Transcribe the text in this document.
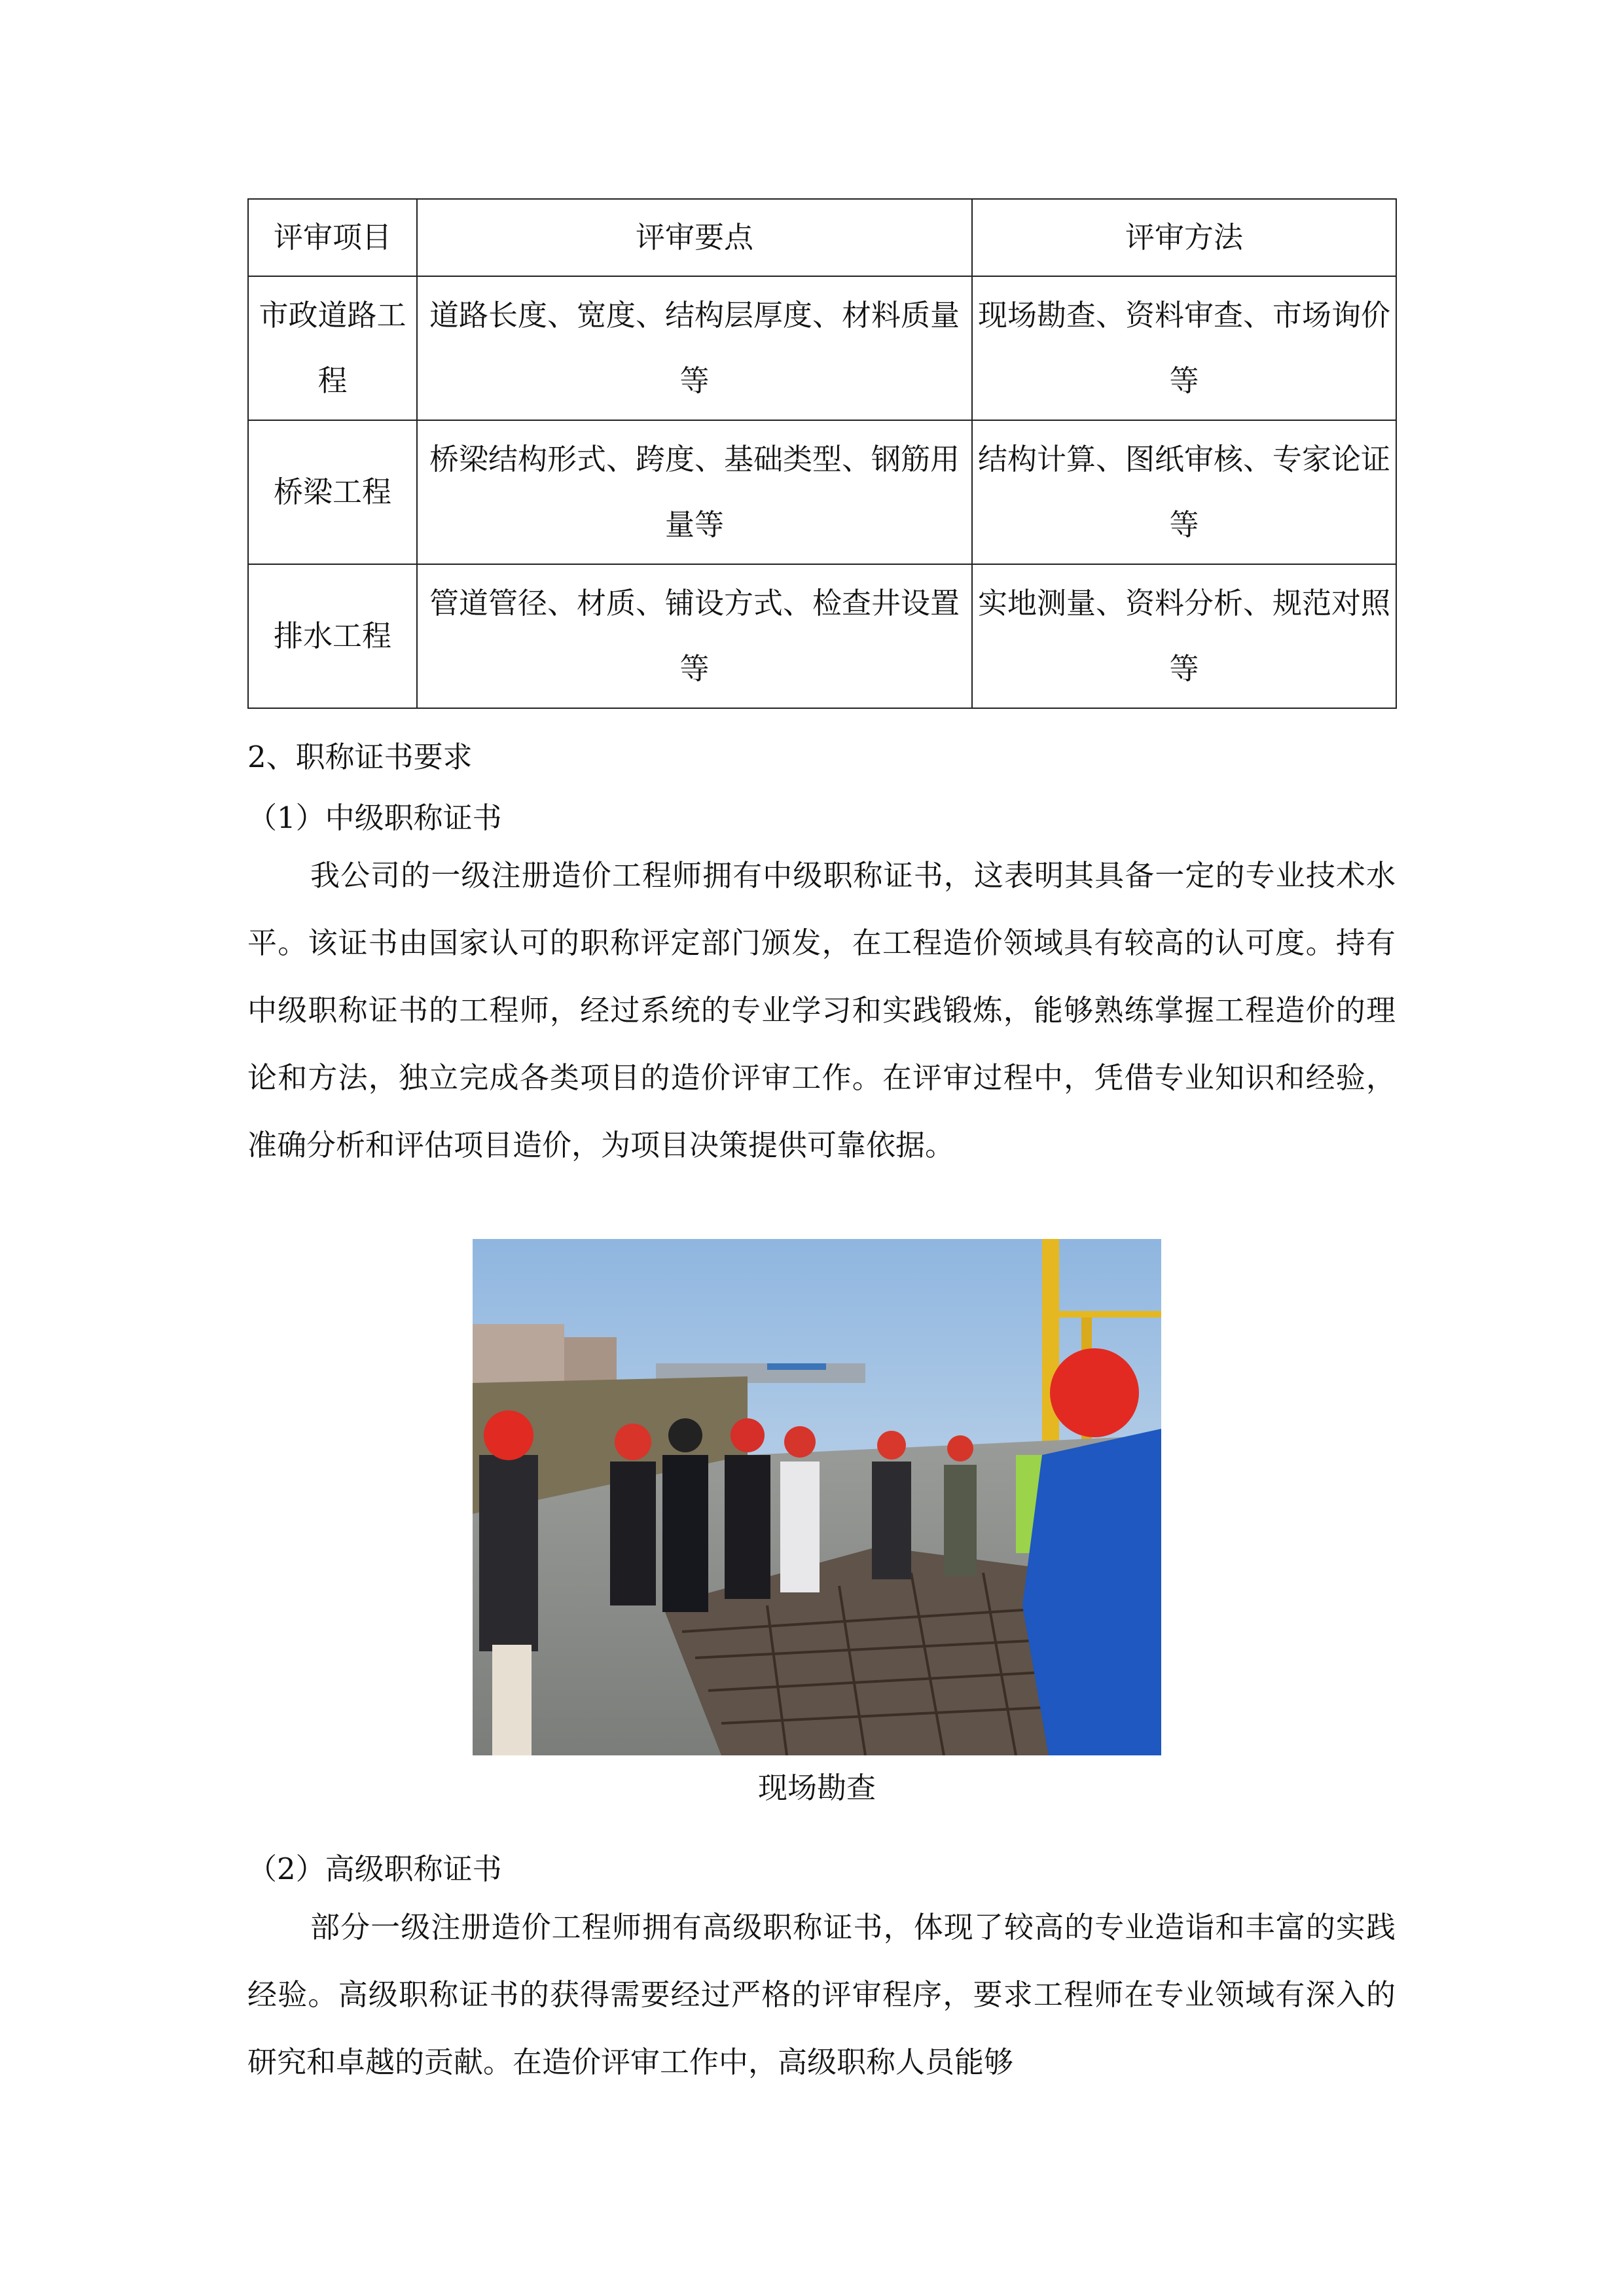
评审项目	评审要点	评审方法
市政道路工程	道路长度、宽度、结构层厚度、材料质量等	现场勘查、资料审查、市场询价等
桥梁工程	桥梁结构形式、跨度、基础类型、钢筋用量等	结构计算、图纸审核、专家论证等
排水工程	管道管径、材质、铺设方式、检查井设置等	实地测量、资料分析、规范对照等
2、职称证书要求
（1）中级职称证书

我公司的一级注册造价工程师拥有中级职称证书，这表明其具备一定的专业技术水平。该证书由国家认可的职称评定部门颁发，在工程造价领域具有较高的认可度。持有中级职称证书的工程师，经过系统的专业学习和实践锻炼，能够熟练掌握工程造价的理论和方法，独立完成各类项目的造价评审工作。在评审过程中，凭借专业知识和经验，准确分析和评估项目造价，为项目决策提供可靠依据。

现场勘查
（2）高级职称证书

部分一级注册造价工程师拥有高级职称证书，体现了较高的专业造诣和丰富的实践经验。高级职称证书的获得需要经过严格的评审程序，要求工程师在专业领域有深入的研究和卓越的贡献。在造价评审工作中，高级职称人员能够
